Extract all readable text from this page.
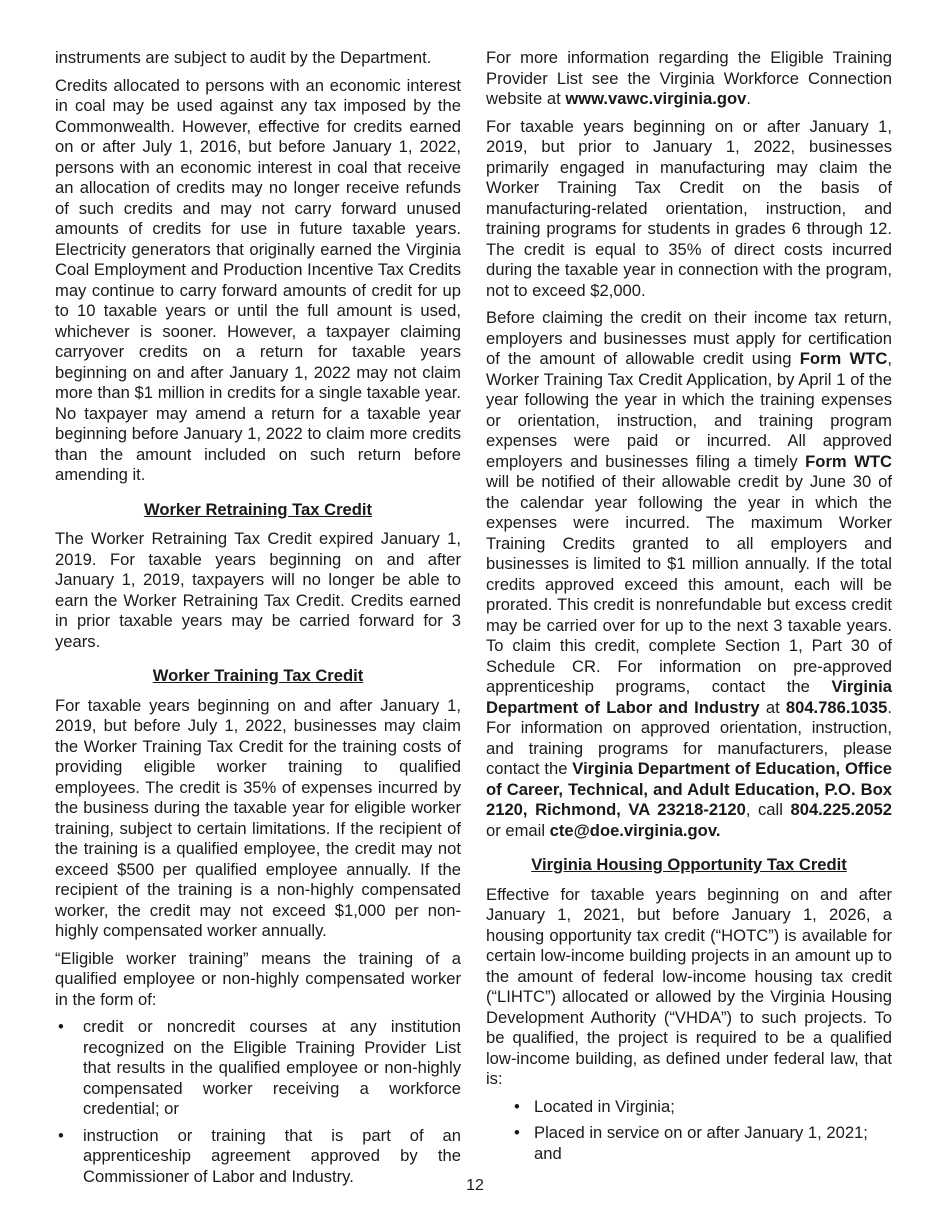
instruments are subject to audit by the Department.

Credits allocated to persons with an economic interest in coal may be used against any tax imposed by the Commonwealth. However, effective for credits earned on or after July 1, 2016, but before January 1, 2022, persons with an economic interest in coal that receive an allocation of credits may no longer receive refunds of such credits and may not carry forward unused amounts of credits for use in future taxable years. Electricity generators that originally earned the Virginia Coal Employment and Production Incentive Tax Credits may continue to carry forward amounts of credit for up to 10 taxable years or until the full amount is used, whichever is sooner. However, a taxpayer claiming carryover credits on a return for taxable years beginning on and after January 1, 2022 may not claim more than $1 million in credits for a single taxable year. No taxpayer may amend a return for a taxable year beginning before January 1, 2022 to claim more credits than the amount included on such return before amending it.

Worker Retraining Tax Credit

The Worker Retraining Tax Credit expired January 1, 2019. For taxable years beginning on and after January 1, 2019, taxpayers will no longer be able to earn the Worker Retraining Tax Credit. Credits earned in prior taxable years may be carried forward for 3 years.

Worker Training Tax Credit

For taxable years beginning on and after January 1, 2019, but before July 1, 2022, businesses may claim the Worker Training Tax Credit for the training costs of providing eligible worker training to qualified employees. The credit is 35% of expenses incurred by the business during the taxable year for eligible worker training, subject to certain limitations. If the recipient of the training is a qualified employee, the credit may not exceed $500 per qualified employee annually. If the recipient of the training is a non-highly compensated worker, the credit may not exceed $1,000 per non-highly compensated worker annually.

“Eligible worker training” means the training of a qualified employee or non-highly compensated worker in the form of:

• credit or noncredit courses at any institution recognized on the Eligible Training Provider List that results in the qualified employee or non-highly compensated worker receiving a workforce credential; or
• instruction or training that is part of an apprenticeship agreement approved by the Commissioner of Labor and Industry.

For more information regarding the Eligible Training Provider List see the Virginia Workforce Connection website at www.vawc.virginia.gov.

For taxable years beginning on or after January 1, 2019, but prior to January 1, 2022, businesses primarily engaged in manufacturing may claim the Worker Training Tax Credit on the basis of manufacturing-related orientation, instruction, and training programs for students in grades 6 through 12. The credit is equal to 35% of direct costs incurred during the taxable year in connection with the program, not to exceed $2,000.

Before claiming the credit on their income tax return, employers and businesses must apply for certification of the amount of allowable credit using Form WTC, Worker Training Tax Credit Application, by April 1 of the year following the year in which the training expenses or orientation, instruction, and training program expenses were paid or incurred. All approved employers and businesses filing a timely Form WTC will be notified of their allowable credit by June 30 of the calendar year following the year in which the expenses were incurred. The maximum Worker Training Credits granted to all employers and businesses is limited to $1 million annually. If the total credits approved exceed this amount, each will be prorated. This credit is nonrefundable but excess credit may be carried over for up to the next 3 taxable years. To claim this credit, complete Section 1, Part 30 of Schedule CR. For information on pre-approved apprenticeship programs, contact the Virginia Department of Labor and Industry at 804.786.1035. For information on approved orientation, instruction, and training programs for manufacturers, please contact the Virginia Department of Education, Office of Career, Technical, and Adult Education, P.O. Box 2120, Richmond, VA 23218-2120, call 804.225.2052 or email cte@doe.virginia.gov.

Virginia Housing Opportunity Tax Credit

Effective for taxable years beginning on and after January 1, 2021, but before January 1, 2026, a housing opportunity tax credit (“HOTC”) is available for certain low-income building projects in an amount up to the amount of federal low-income housing tax credit (“LIHTC”) allocated or allowed by the Virginia Housing Development Authority (“VHDA”) to such projects. To be qualified, the project is required to be a qualified low-income building, as defined under federal law, that is:

• Located in Virginia;
• Placed in service on or after January 1, 2021; and
12
